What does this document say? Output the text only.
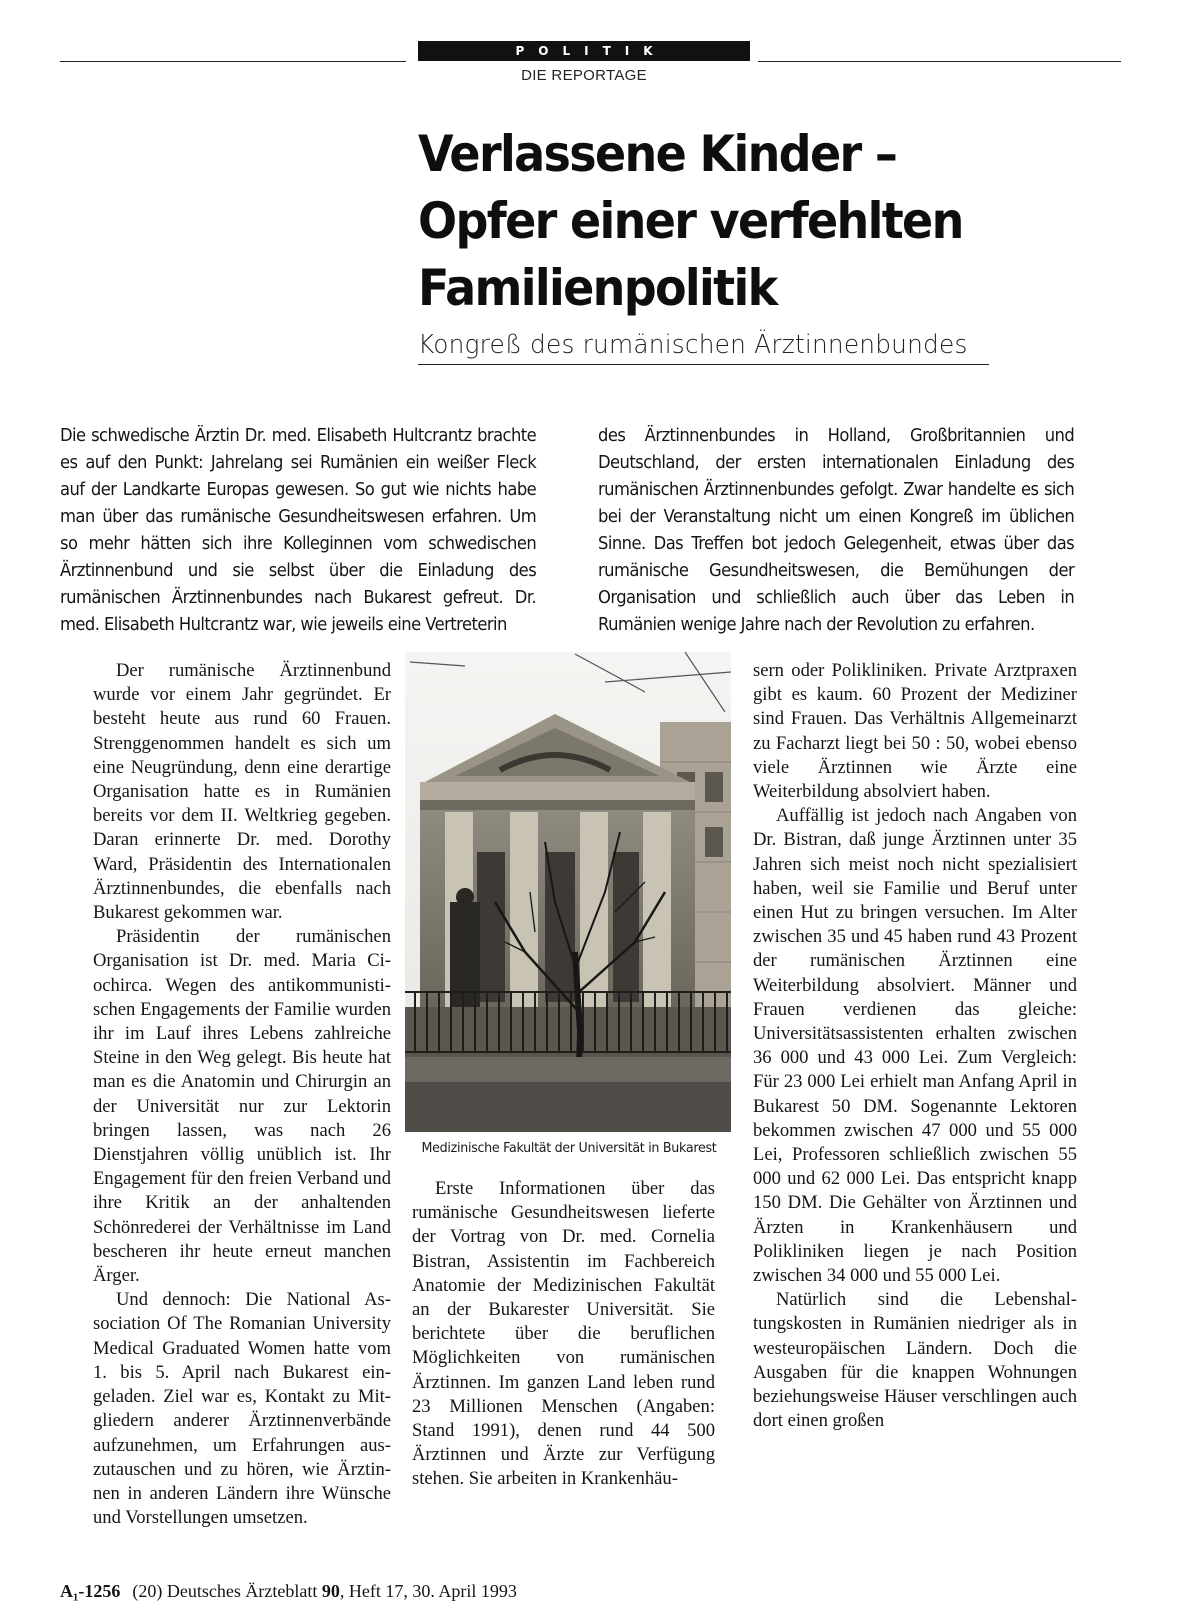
POLITIK
DIE REPORTAGE
Verlassene Kinder –
Opfer einer verfehlten
Familienpolitik
Kongreß des rumänischen Ärztinnenbundes
Die schwedische Ärztin Dr. med. Elisabeth Hultcrantz brachte es auf den Punkt: Jahrelang sei Rumänien ein weißer Fleck auf der Landkarte Europas gewesen. So gut wie nichts habe man über das rumänische Gesundheitswesen erfahren. Um so mehr hätten sich ihre Kolleginnen vom schwedischen Ärztinnenbund und sie selbst über die Einladung des rumänischen Ärztinnenbundes nach Bukarest gefreut. Dr. med. Elisabeth Hultcrantz war, wie jeweils eine Vertreterin
des Ärztinnenbundes in Holland, Großbritannien und Deutschland, der ersten internationalen Einladung des rumänischen Ärztinnenbundes gefolgt. Zwar handelte es sich bei der Veranstaltung nicht um einen Kongreß im üblichen Sinne. Das Treffen bot jedoch Gelegenheit, etwas über das rumänische Gesundheitswesen, die Bemühungen der Organisation und schließlich auch über das Leben in Rumänien wenige Jahre nach der Revolution zu erfahren.

Der rumänische Ärztinnenbund wurde vor einem Jahr gegründet. Er besteht heute aus rund 60 Frauen. Strenggenommen handelt es sich um eine Neugründung, denn eine derartige Organisation hatte es in Rumänien bereits vor dem II. Weltkrieg gegeben. Daran erinnerte Dr. med. Dorothy Ward, Präsidentin des Internationalen Ärztinnenbundes, die ebenfalls nach Bukarest gekommen war.

Präsidentin der rumänischen Organisation ist Dr. med. Maria Ciochirca. Wegen des antikommunistischen Engagements der Familie wurden ihr im Lauf ihres Lebens zahlreiche Steine in den Weg gelegt. Bis heute hat man es die Anatomin und Chirurgin an der Universität nur zur Lektorin bringen lassen, was nach 26 Dienstjahren völlig unüblich ist. Ihr Engagement für den freien Verband und ihre Kritik an der anhaltenden Schönrederei der Verhältnisse im Land bescheren ihr heute erneut manchen Ärger.

Und dennoch: Die National Association Of The Romanian University Medical Graduated Women hatte vom 1. bis 5. April nach Bukarest eingeladen. Ziel war es, Kontakt zu Mitgliedern anderer Ärztinnenverbände aufzunehmen, um Erfahrungen auszutauschen und zu hören, wie Ärztinnen in anderen Ländern ihre Wünsche und Vorstellungen umsetzen.

Medizinische Fakultät der Universität in Bukarest

Erste Informationen über das rumänische Gesundheitswesen lieferte der Vortrag von Dr. med. Cornelia Bistran, Assistentin im Fachbereich Anatomie der Medizinischen Fakultät an der Bukarester Universität. Sie berichtete über die beruflichen Möglichkeiten von rumänischen Ärztinnen. Im ganzen Land leben rund 23 Millionen Menschen (Angaben: Stand 1991), denen rund 44 500 Ärztinnen und Ärzte zur Verfügung stehen. Sie arbeiten in Krankenhäu-

sern oder Polikliniken. Private Arztpraxen gibt es kaum. 60 Prozent der Mediziner sind Frauen. Das Verhältnis Allgemeinarzt zu Facharzt liegt bei 50 : 50, wobei ebenso viele Ärztinnen wie Ärzte eine Weiterbildung absolviert haben.

Auffällig ist jedoch nach Angaben von Dr. Bistran, daß junge Ärztinnen unter 35 Jahren sich meist noch nicht spezialisiert haben, weil sie Familie und Beruf unter einen Hut zu bringen versuchen. Im Alter zwischen 35 und 45 haben rund 43 Prozent der rumänischen Ärztinnen eine Weiterbildung absolviert. Männer und Frauen verdienen das gleiche: Universitätsassistenten erhalten zwischen 36 000 und 43 000 Lei. Zum Vergleich: Für 23 000 Lei erhielt man Anfang April in Bukarest 50 DM. Sogenannte Lektoren bekommen zwischen 47 000 und 55 000 Lei, Professoren schließlich zwischen 55 000 und 62 000 Lei. Das entspricht knapp 150 DM. Die Gehälter von Ärztinnen und Ärzten in Krankenhäusern und Polikliniken liegen je nach Position zwischen 34 000 und 55 000 Lei.

Natürlich sind die Lebenshaltungskosten in Rumänien niedriger als in westeuropäischen Ländern. Doch die Ausgaben für die knappen Wohnungen beziehungsweise Häuser verschlingen auch dort einen großen

A₁-1256 (20) Deutsches Ärzteblatt 90, Heft 17, 30. April 1993
